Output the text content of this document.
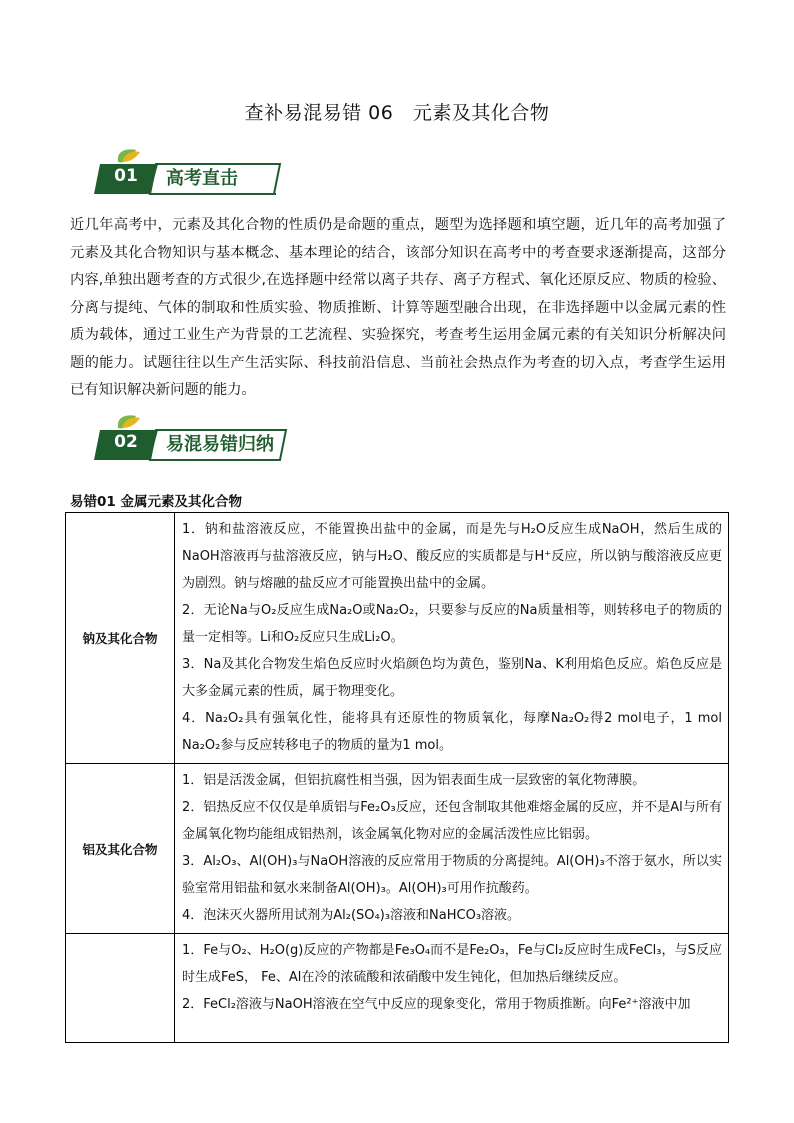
查补易混易错 06　元素及其化合物
01	高考直击
近几年高考中，元素及其化合物的性质仍是命题的重点，题型为选择题和填空题，近几年的高考加强了元素及其化合物知识与基本概念、基本理论的结合，该部分知识在高考中的考查要求逐渐提高，这部分内容,单独出题考查的方式很少,在选择题中经常以离子共存、离子方程式、氧化还原反应、物质的检验、分离与提纯、气体的制取和性质实验、物质推断、计算等题型融合出现，在非选择题中以金属元素的性质为载体，通过工业生产为背景的工艺流程、实验探究，考查考生运用金属元素的有关知识分析解决问题的能力。试题往往以生产生活实际、科技前沿信息、当前社会热点作为考查的切入点，考查学生运用已有知识解决新问题的能力。
02	易混易错归纳
易错01 金属元素及其化合物
钠及其化合物	1．钠和盐溶液反应，不能置换出盐中的金属，而是先与H₂O反应生成NaOH，然后生成的NaOH溶液再与盐溶液反应，钠与H₂O、酸反应的实质都是与H⁺反应，所以钠与酸溶液反应更为剧烈。钠与熔融的盐反应才可能置换出盐中的金属。

2．无论Na与O₂反应生成Na₂O或Na₂O₂，只要参与反应的Na质量相等，则转移电子的物质的量一定相等。Li和O₂反应只生成Li₂O。

3．Na及其化合物发生焰色反应时火焰颜色均为黄色，鉴别Na、K利用焰色反应。焰色反应是大多金属元素的性质，属于物理变化。

4．Na₂O₂具有强氧化性，能将具有还原性的物质氧化，每摩Na₂O₂得2 mol电子，1 mol Na₂O₂参与反应转移电子的物质的量为1 mol。

铝及其化合物	1．铝是活泼金属，但铝抗腐性相当强，因为铝表面生成一层致密的氧化物薄膜。

2．铝热反应不仅仅是单质铝与Fe₂O₃反应，还包含制取其他难熔金属的反应，并不是Al与所有金属氧化物均能组成铝热剂，该金属氧化物对应的金属活泼性应比铝弱。

3．Al₂O₃、Al(OH)₃与NaOH溶液的反应常用于物质的分离提纯。Al(OH)₃不溶于氨水，所以实验室常用铝盐和氨水来制备Al(OH)₃。Al(OH)₃可用作抗酸药。

4．泡沫灭火器所用试剂为Al₂(SO₄)₃溶液和NaHCO₃溶液。

	1．Fe与O₂、H₂O(g)反应的产物都是Fe₃O₄而不是Fe₂O₃，Fe与Cl₂反应时生成FeCl₃，与S反应时生成FeS， Fe、Al在冷的浓硫酸和浓硝酸中发生钝化，但加热后继续反应。

2．FeCl₂溶液与NaOH溶液在空气中反应的现象变化，常用于物质推断。向Fe²⁺溶液中加
